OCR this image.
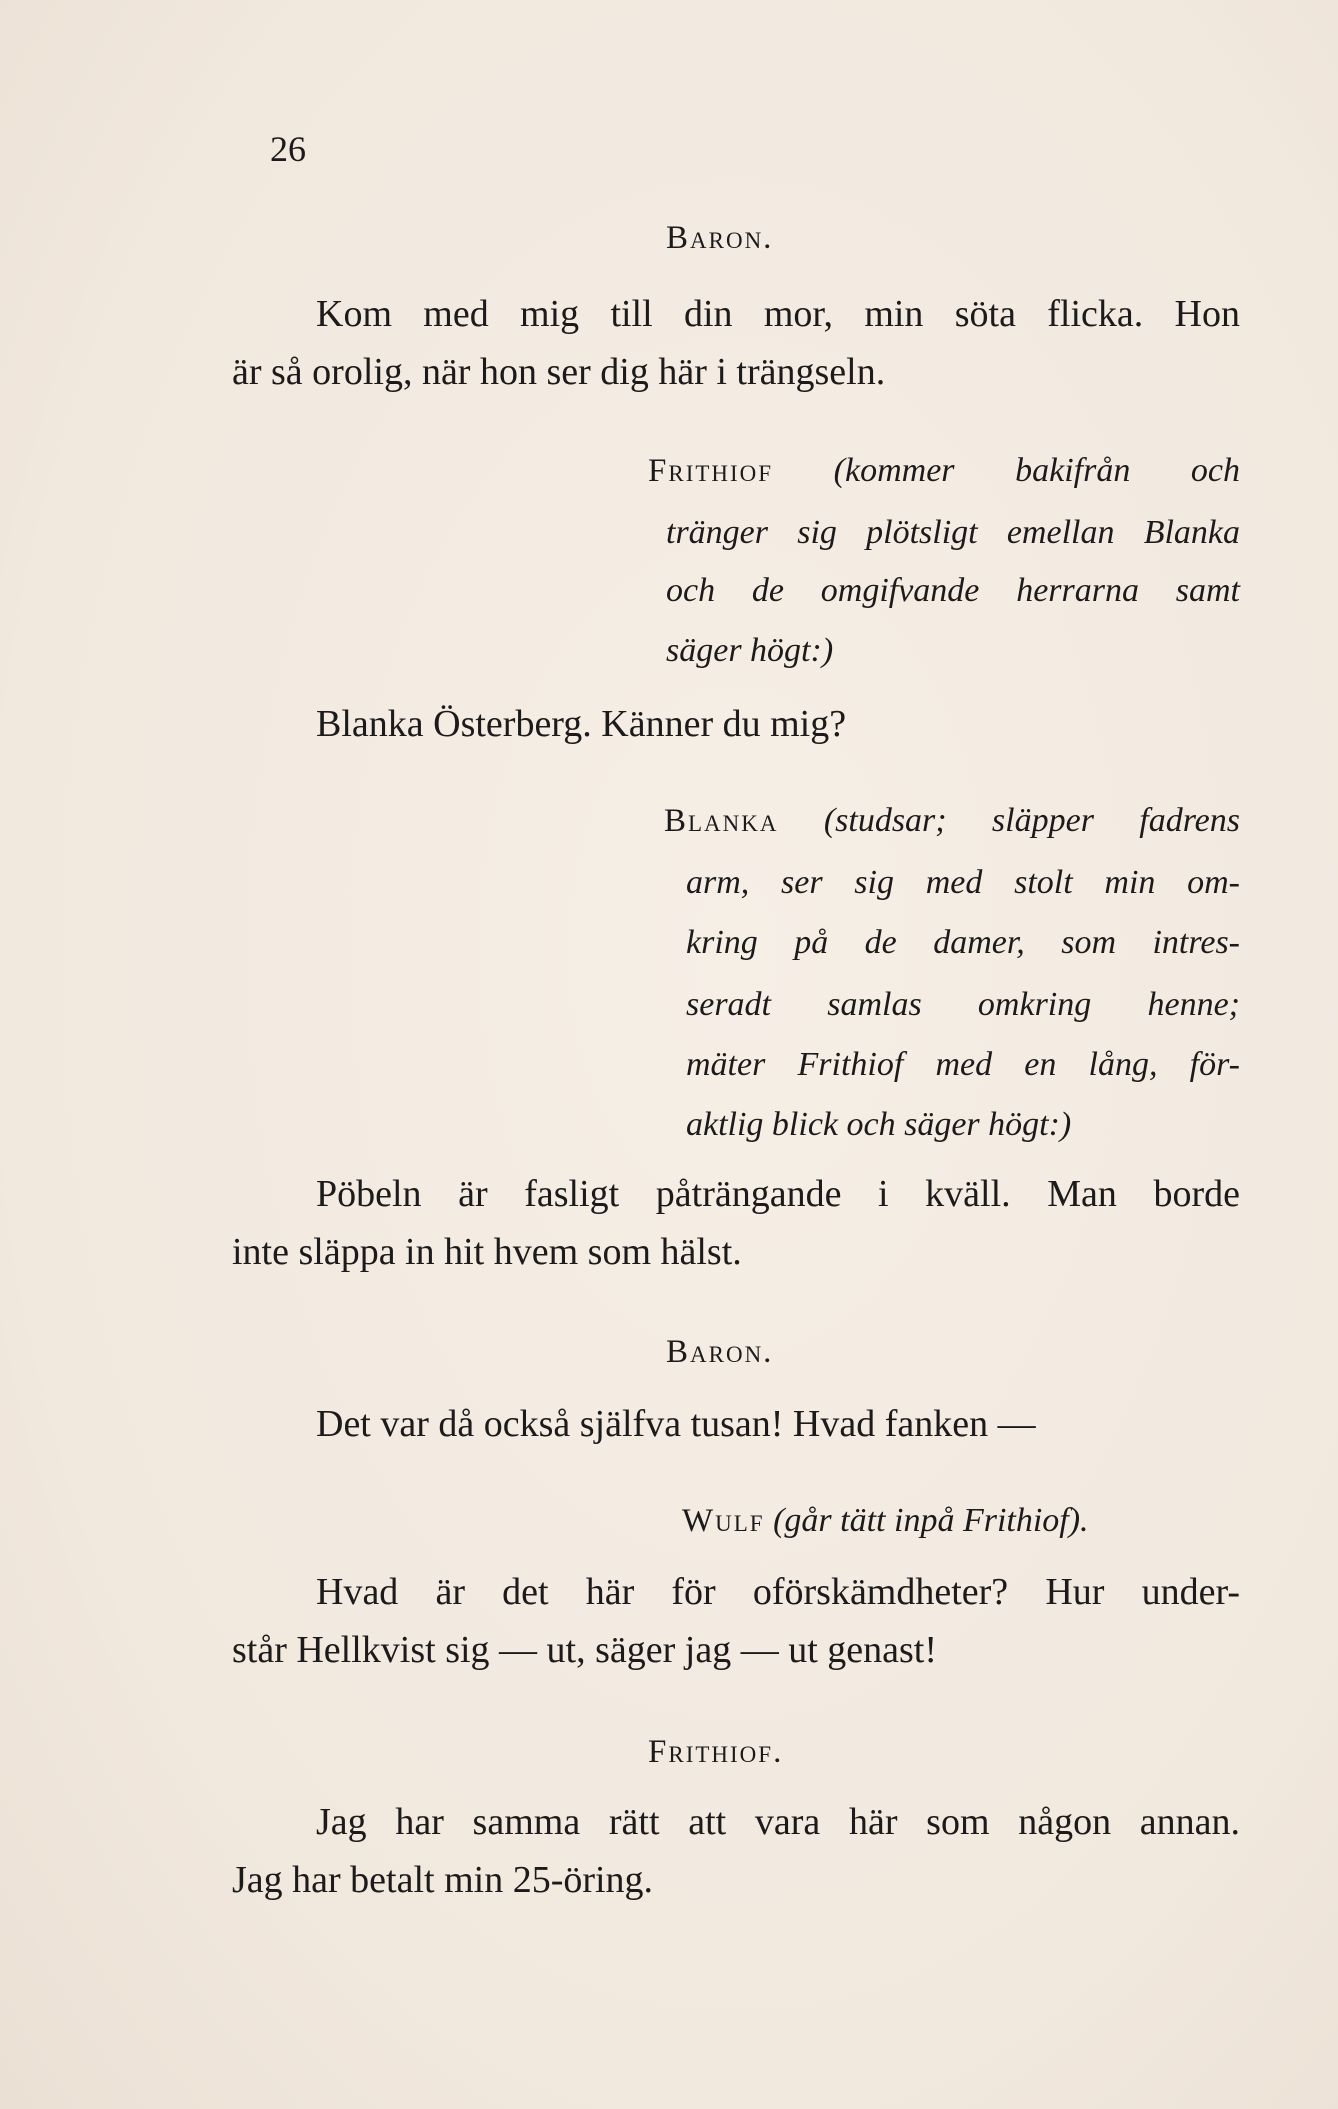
26
Baron.
Kom med mig till din mor, min söta flicka. Hon
är så orolig, när hon ser dig här i trängseln.
Frithiof (kommer bakifrån och
tränger sig plötsligt emellan Blanka
och de omgifvande herrarna samt
säger högt:)
Blanka Österberg. Känner du mig?
Blanka (studsar; släpper fadrens
arm, ser sig med stolt min om-
kring på de damer, som intres-
seradt samlas omkring henne;
mäter Frithiof med en lång, för-
aktlig blick och säger högt:)
Pöbeln är fasligt påträngande i kväll. Man borde
inte släppa in hit hvem som hälst.
Baron.
Det var då också själfva tusan! Hvad fanken —
Wulf (går tätt inpå Frithiof).
Hvad är det här för oförskämdheter? Hur under-
står Hellkvist sig — ut, säger jag — ut genast!
Frithiof.
Jag har samma rätt att vara här som någon annan.
Jag har betalt min 25-öring.
